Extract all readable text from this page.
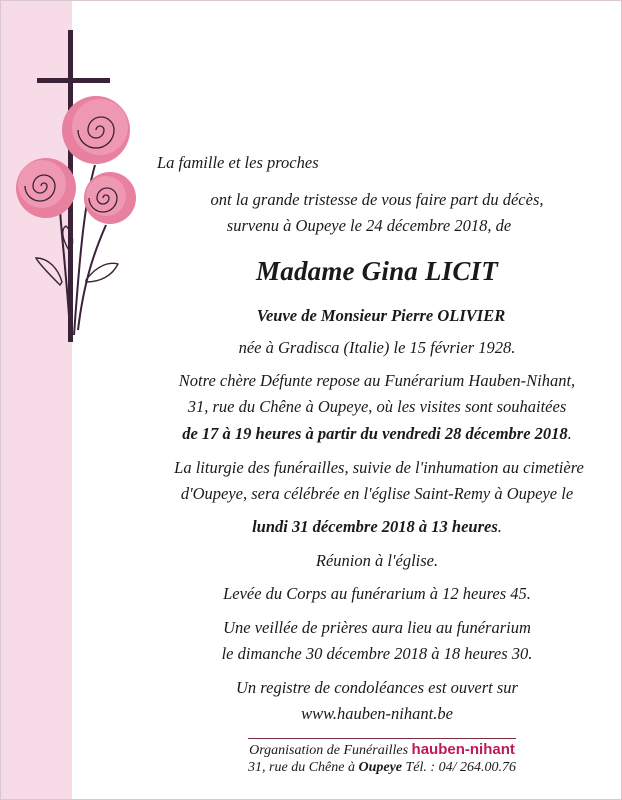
La famille et les proches
ont la grande tristesse de vous faire part du décès,
survenu à Oupeye le 24 décembre 2018, de
Madame Gina LICIT
Veuve de Monsieur Pierre OLIVIER
née à Gradisca (Italie) le 15 février 1928.
Notre chère Défunte repose au Funérarium Hauben-Nihant,
31, rue du Chêne à Oupeye, où les visites sont souhaitées
de 17 à 19 heures à partir du vendredi 28 décembre 2018.
La liturgie des funérailles, suivie de l'inhumation au cimetière
d'Oupeye, sera célébrée en l'église Saint-Remy à Oupeye le
lundi 31 décembre 2018 à 13 heures.
Réunion à l'église.
Levée du Corps au funérarium à 12 heures 45.
Une veillée de prières aura lieu au funérarium
le dimanche 30 décembre 2018 à 18 heures 30.
Un registre de condoléances est ouvert sur
www.hauben-nihant.be
Organisation de Funérailles hauben-nihant
31, rue du Chêne à Oupeye Tél. : 04/ 264.00.76
